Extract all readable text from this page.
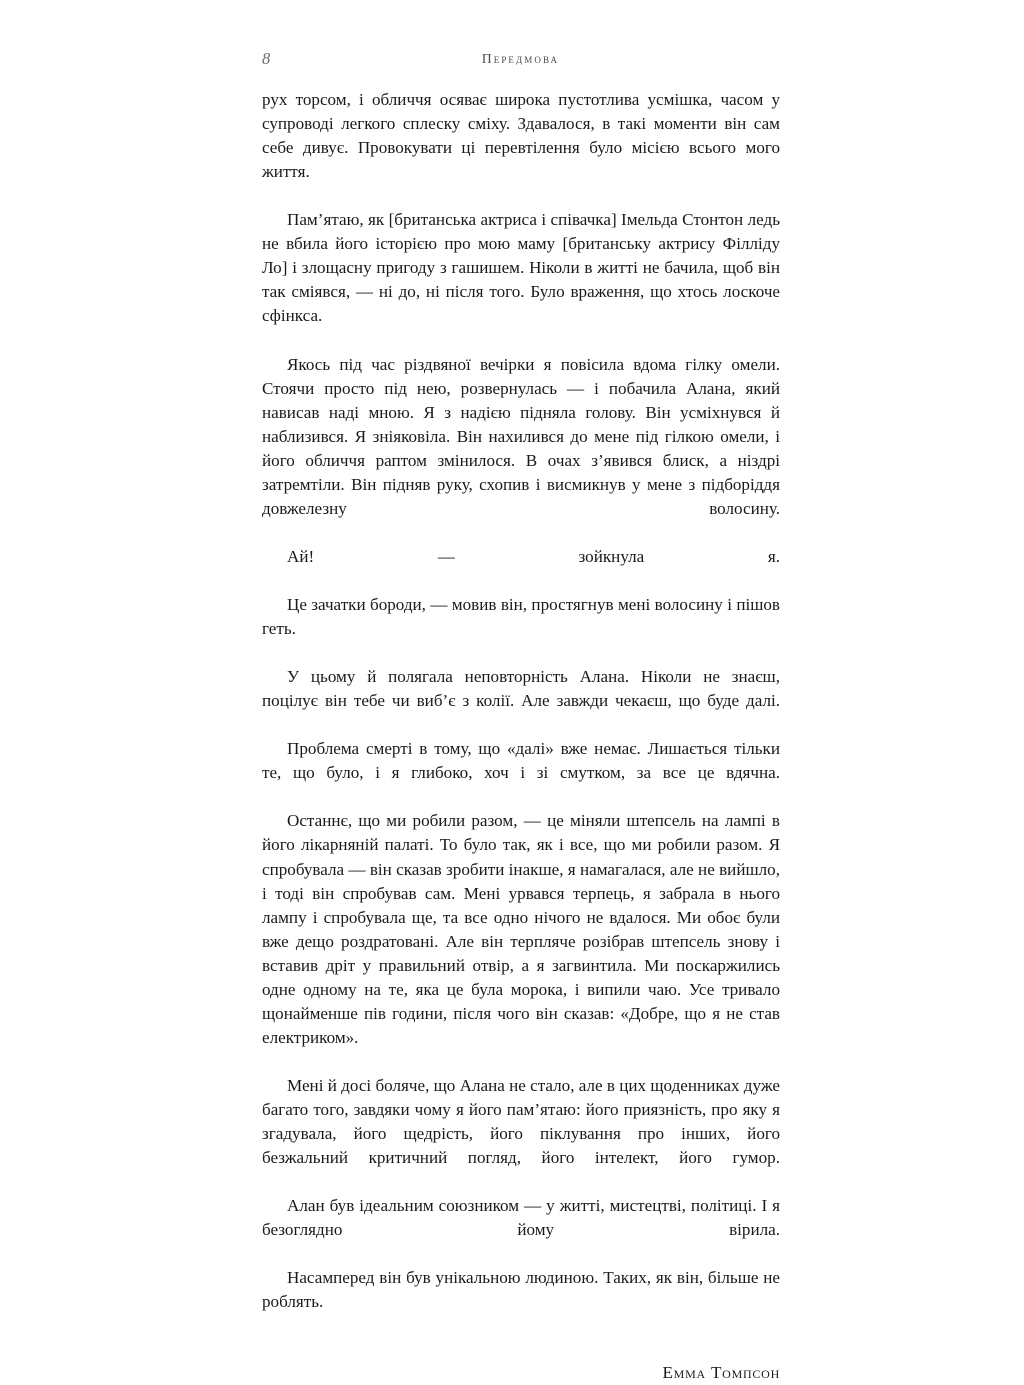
8	Передмова

рух торсом, і обличчя осяває широка пустотлива усмішка, часом у супроводі легкого сплеску сміху. Здавалося, в такі моменти він сам себе дивує. Провокувати ці перевтілення було місією всього мого життя.

Пам’ятаю, як [британська актриса і співачка] Імельда Стонтон ледь не вбила його історією про мою маму [британську актрису Філліду Ло] і злощасну пригоду з гашишем. Ніколи в житті не бачила, щоб він так сміявся, — ні до, ні після того. Було враження, що хтось лоскоче сфінкса.

Якось під час різдвяної вечірки я повісила вдома гілку омели. Стоячи просто під нею, розвернулась — і побачила Алана, який нависав наді мною. Я з надією підняла голову. Він усміхнувся й наблизився. Я зніяковіла. Він нахилився до мене під гілкою омели, і його обличчя раптом змінилося. В очах з’явився блиск, а ніздрі затремтіли. Він підняв руку, схопив і висмикнув у мене з підборіддя довжелезну волосину.

Ай! — зойкнула я.

Це зачатки бороди, — мовив він, простягнув мені волосину і пішов геть.

У цьому й полягала неповторність Алана. Ніколи не знаєш, поцілує він тебе чи виб’є з колії. Але завжди чекаєш, що буде далі.

Проблема смерті в тому, що «далі» вже немає. Лишається тільки те, що було, і я глибоко, хоч і зі смутком, за все це вдячна.

Останнє, що ми робили разом, — це міняли штепсель на лампі в його лікарняній палаті. То було так, як і все, що ми робили разом. Я спробувала — він сказав зробити інакше, я намагалася, але не вийшло, і тоді він спробував сам. Мені урвався терпець, я забрала в нього лампу і спробувала ще, та все одно нічого не вдалося. Ми обоє були вже дещо роздратовані. Але він терпляче розібрав штепсель знову і вставив дріт у правильний отвір, а я загвинтила. Ми поскаржились одне одному на те, яка це була морока, і випили чаю. Усе тривало щонайменше пів години, після чого він сказав: «Добре, що я не став електриком».

Мені й досі боляче, що Алана не стало, але в цих щоденниках дуже багато того, завдяки чому я його пам’ятаю: його приязність, про яку я згадувала, його щедрість, його піклування про інших, його безжальний критичний погляд, його інтелект, його гумор.

Алан був ідеальним союзником — у житті, мистецтві, політиці. І я безоглядно йому вірила.

Насамперед він був унікальною людиною. Таких, як він, більше не роблять.

Емма Томпсон
